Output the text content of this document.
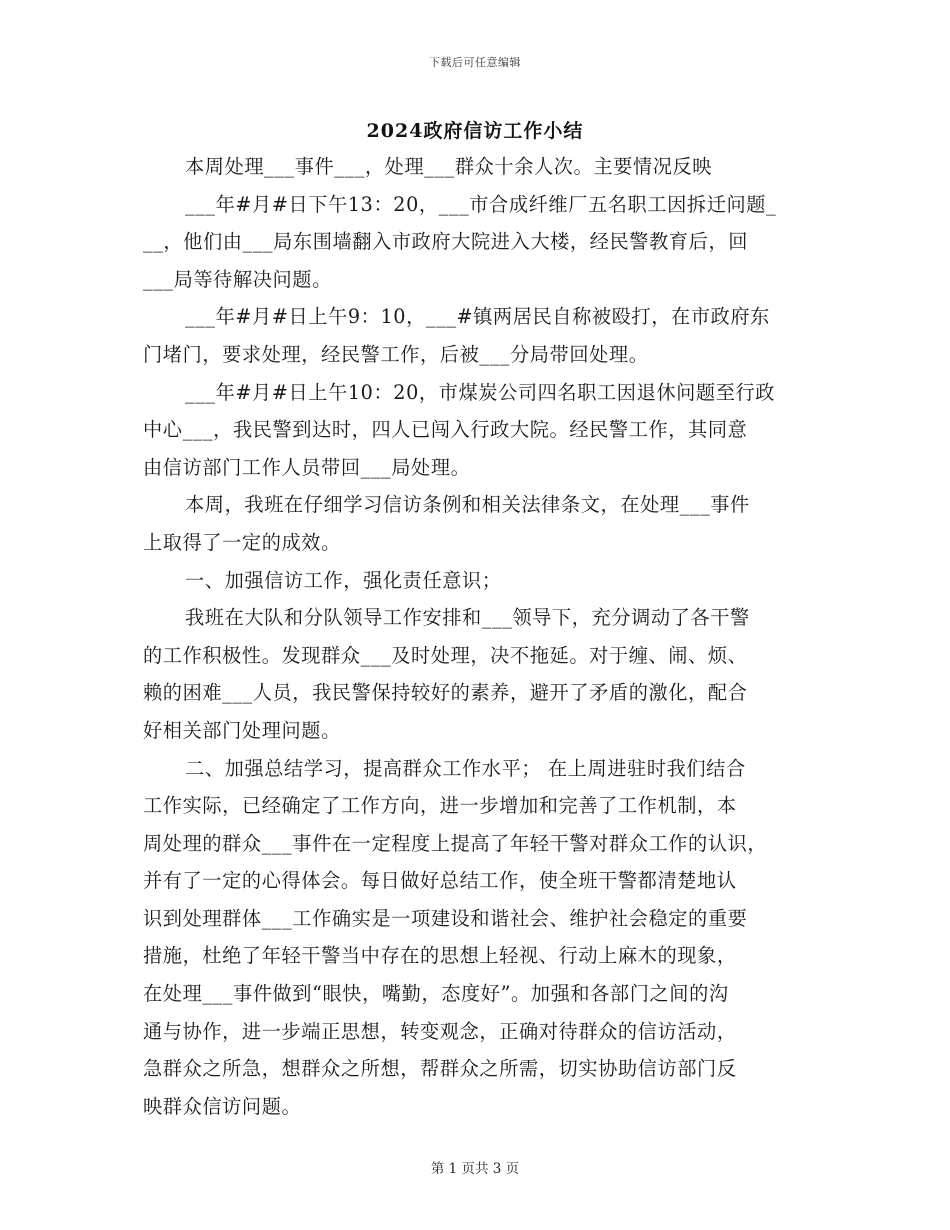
下载后可任意编辑
2024政府信访工作小结
本周处理___事件___，处理___群众十余人次。主要情况反映
___年#月#日下午13：20，___市合成纤维厂五名职工因拆迁问题_
__，他们由___局东围墙翻入市政府大院进入大楼，经民警教育后，回
___局等待解决问题。
___年#月#日上午9：10，___#镇两居民自称被殴打，在市政府东
门堵门，要求处理，经民警工作，后被___分局带回处理。
___年#月#日上午10：20，市煤炭公司四名职工因退休问题至行政
中心___，我民警到达时，四人已闯入行政大院。经民警工作，其同意
由信访部门工作人员带回___局处理。
本周，我班在仔细学习信访条例和相关法律条文，在处理___事件
上取得了一定的成效。
一、加强信访工作，强化责任意识；
我班在大队和分队领导工作安排和___领导下，充分调动了各干警
的工作积极性。发现群众___及时处理，决不拖延。对于缠、闹、烦、
赖的困难___人员，我民警保持较好的素养，避开了矛盾的激化，配合
好相关部门处理问题。
二、加强总结学习，提高群众工作水平； 在上周进驻时我们结合
工作实际，已经确定了工作方向，进一步增加和完善了工作机制，本
周处理的群众___事件在一定程度上提高了年轻干警对群众工作的认识，
并有了一定的心得体会。每日做好总结工作，使全班干警都清楚地认
识到处理群体___工作确实是一项建设和谐社会、维护社会稳定的重要
措施，杜绝了年轻干警当中存在的思想上轻视、行动上麻木的现象，
在处理___事件做到“眼快，嘴勤，态度好”。加强和各部门之间的沟
通与协作，进一步端正思想，转变观念，正确对待群众的信访活动，
急群众之所急，想群众之所想，帮群众之所需，切实协助信访部门反
映群众信访问题。
第 1 页共 3 页
